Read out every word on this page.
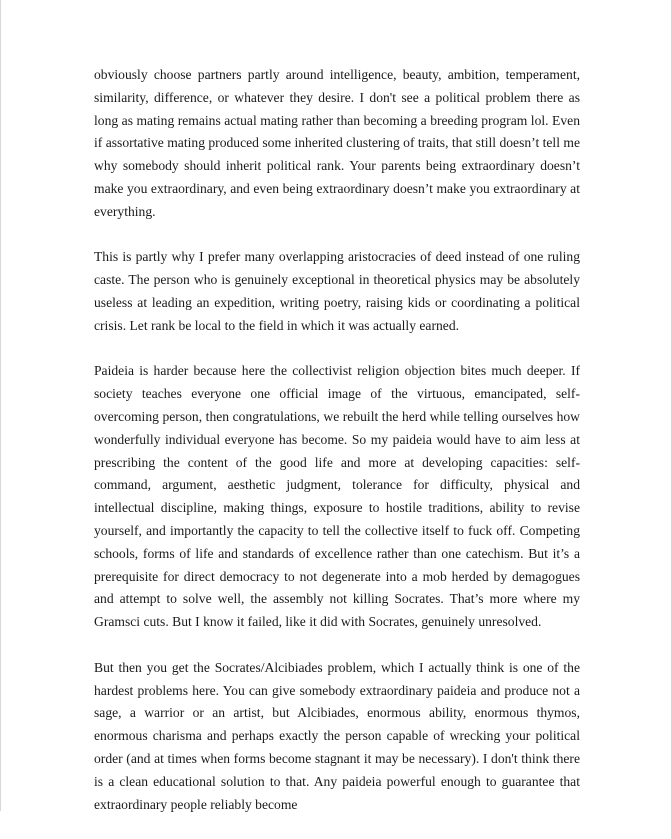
obviously choose partners partly around intelligence, beauty, ambition, temperament, similarity, difference, or whatever they desire. I don't see a political problem there as long as mating remains actual mating rather than becoming a breeding program lol. Even if assortative mating produced some inherited clustering of traits, that still doesn’t tell me why somebody should inherit political rank. Your parents being extraordinary doesn’t make you extraordinary, and even being extraordinary doesn’t make you extraordinary at everything.

This is partly why I prefer many overlapping aristocracies of deed instead of one ruling caste. The person who is genuinely exceptional in theoretical physics may be absolutely useless at leading an expedition, writing poetry, raising kids or coordinating a political crisis. Let rank be local to the field in which it was actually earned.

Paideia is harder because here the collectivist religion objection bites much deeper. If society teaches everyone one official image of the virtuous, emancipated, self-overcoming person, then congratulations, we rebuilt the herd while telling ourselves how wonderfully individual everyone has become. So my paideia would have to aim less at prescribing the content of the good life and more at developing capacities: self-command, argument, aesthetic judgment, tolerance for difficulty, physical and intellectual discipline, making things, exposure to hostile traditions, ability to revise yourself, and importantly the capacity to tell the collective itself to fuck off. Competing schools, forms of life and standards of excellence rather than one catechism. But it’s a prerequisite for direct democracy to not degenerate into a mob herded by demagogues and attempt to solve well, the assembly not killing Socrates. That’s more where my Gramsci cuts. But I know it failed, like it did with Socrates, genuinely unresolved.

But then you get the Socrates/Alcibiades problem, which I actually think is one of the hardest problems here. You can give somebody extraordinary paideia and produce not a sage, a warrior or an artist, but Alcibiades, enormous ability, enormous thymos, enormous charisma and perhaps exactly the person capable of wrecking your political order (and at times when forms become stagnant it may be necessary). I don't think there is a clean educational solution to that. Any paideia powerful enough to guarantee that extraordinary people reliably become
